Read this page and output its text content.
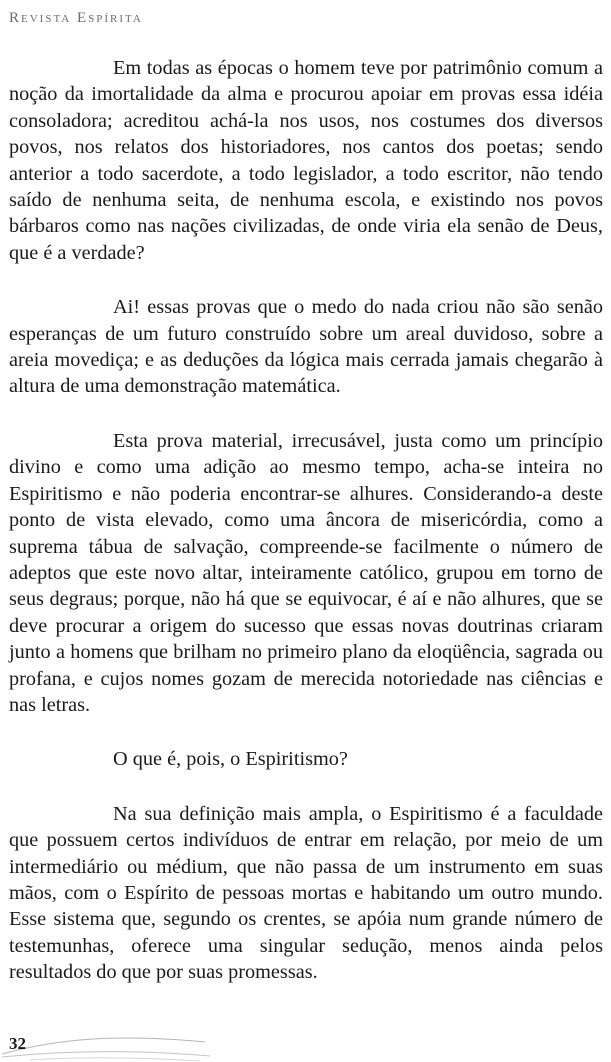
Revista Espírita

Em todas as épocas o homem teve por patrimônio comum a noção da imortalidade da alma e procurou apoiar em provas essa idéia consoladora; acreditou achá-la nos usos, nos costumes dos diversos povos, nos relatos dos historiadores, nos cantos dos poetas; sendo anterior a todo sacerdote, a todo legislador, a todo escritor, não tendo saído de nenhuma seita, de nenhuma escola, e existindo nos povos bárbaros como nas nações civilizadas, de onde viria ela senão de Deus, que é a verdade?

Ai! essas provas que o medo do nada criou não são senão esperanças de um futuro construído sobre um areal duvidoso, sobre a areia movediça; e as deduções da lógica mais cerrada jamais chegarão à altura de uma demonstração matemática.

Esta prova material, irrecusável, justa como um princípio divino e como uma adição ao mesmo tempo, acha-se inteira no Espiritismo e não poderia encontrar-se alhures. Considerando-a deste ponto de vista elevado, como uma âncora de misericórdia, como a suprema tábua de salvação, compreende-se facilmente o número de adeptos que este novo altar, inteiramente católico, grupou em torno de seus degraus; porque, não há que se equivocar, é aí e não alhures, que se deve procurar a origem do sucesso que essas novas doutrinas criaram junto a homens que brilham no primeiro plano da eloqüência, sagrada ou profana, e cujos nomes gozam de merecida notoriedade nas ciências e nas letras.

O que é, pois, o Espiritismo?

Na sua definição mais ampla, o Espiritismo é a faculdade que possuem certos indivíduos de entrar em relação, por meio de um intermediário ou médium, que não passa de um instrumento em suas mãos, com o Espírito de pessoas mortas e habitando um outro mundo. Esse sistema que, segundo os crentes, se apóia num grande número de testemunhas, oferece uma singular sedução, menos ainda pelos resultados do que por suas promessas.

32
